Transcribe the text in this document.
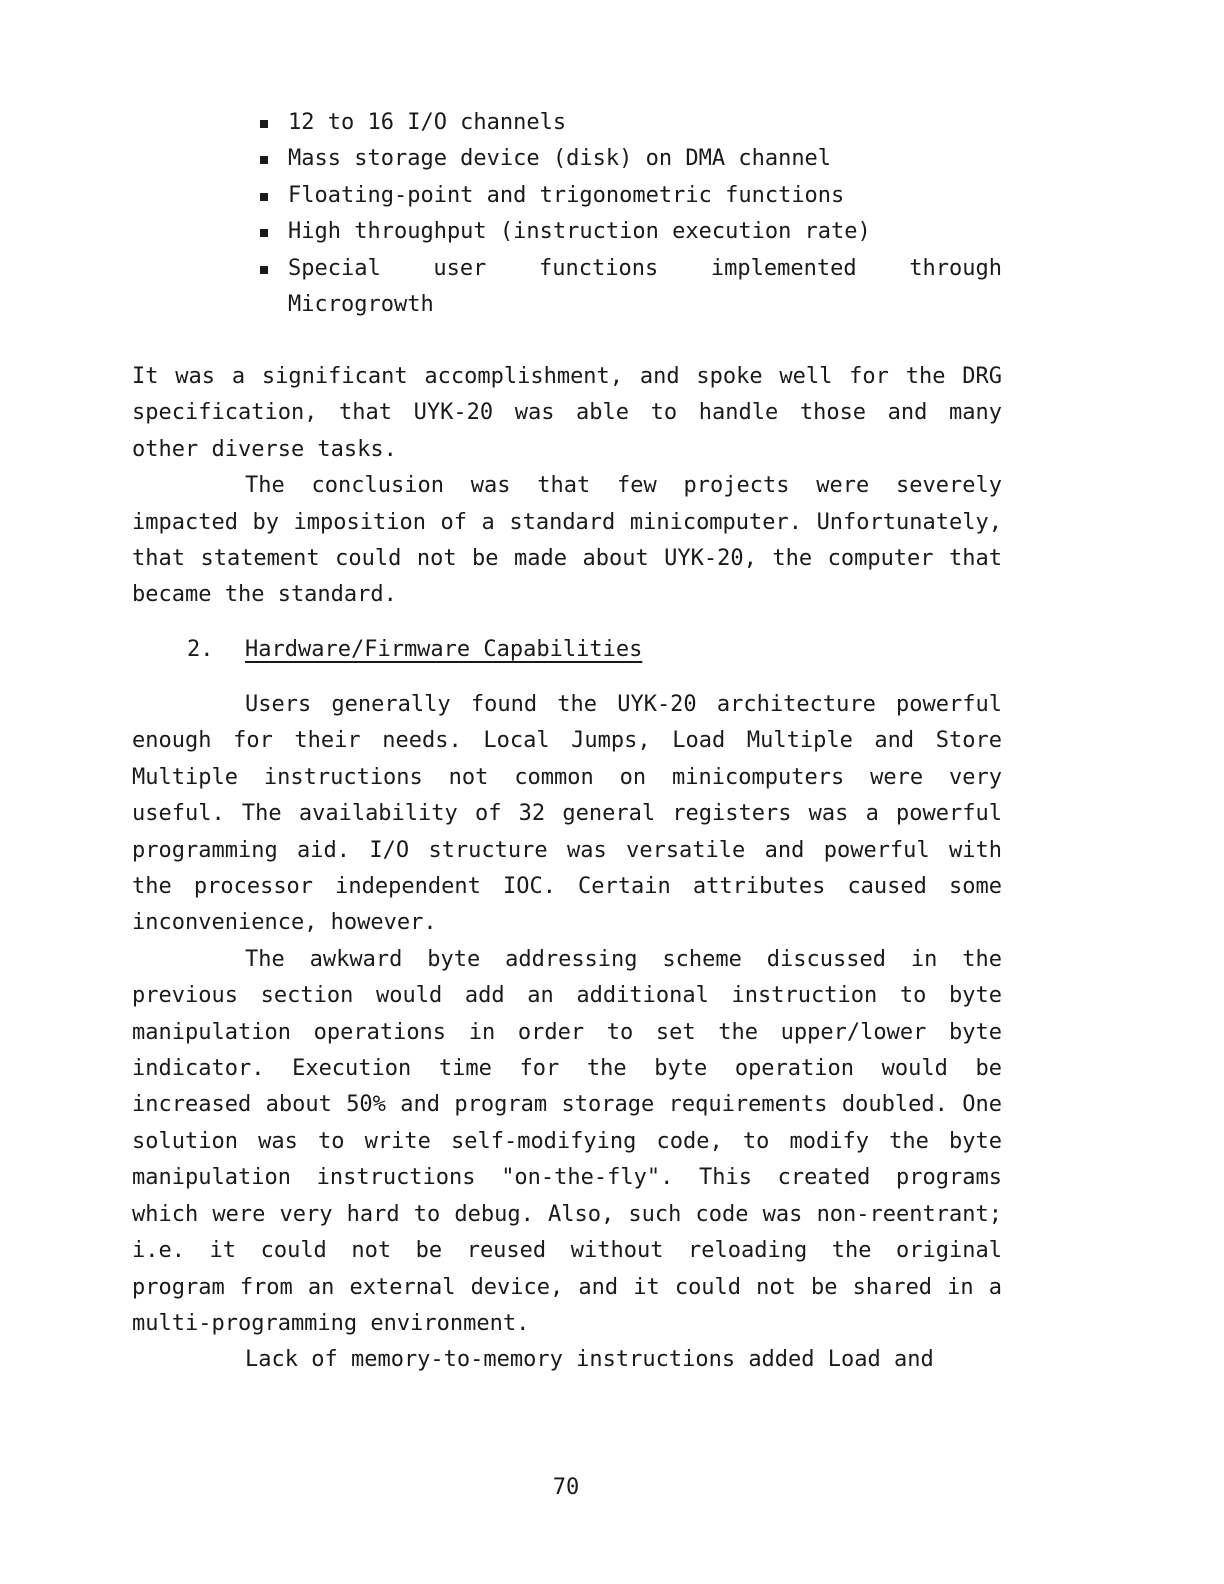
12 to 16 I/O channels
Mass storage device (disk) on DMA channel
Floating-point and trigonometric functions
High throughput (instruction execution rate)
Special user functions implemented through Microgrowth

It was a significant accomplishment, and spoke well for the DRG specification, that UYK-20 was able to handle those and many other diverse tasks.

The conclusion was that few projects were severely impacted by imposition of a standard minicomputer. Unfortunately, that statement could not be made about UYK-20, the computer that became the standard.

2. Hardware/Firmware Capabilities

Users generally found the UYK-20 architecture powerful enough for their needs. Local Jumps, Load Multiple and Store Multiple instructions not common on minicomputers were very useful. The availability of 32 general registers was a powerful programming aid. I/O structure was versatile and powerful with the processor independent IOC. Certain attributes caused some inconvenience, however.

The awkward byte addressing scheme discussed in the previous section would add an additional instruction to byte manipulation operations in order to set the upper/lower byte indicator. Execution time for the byte operation would be increased about 50% and program storage requirements doubled. One solution was to write self-modifying code, to modify the byte manipulation instructions "on-the-fly". This created programs which were very hard to debug. Also, such code was non-reentrant; i.e. it could not be reused without reloading the original program from an external device, and it could not be shared in a multi-programming environment.

Lack of memory-to-memory instructions added Load and

70
